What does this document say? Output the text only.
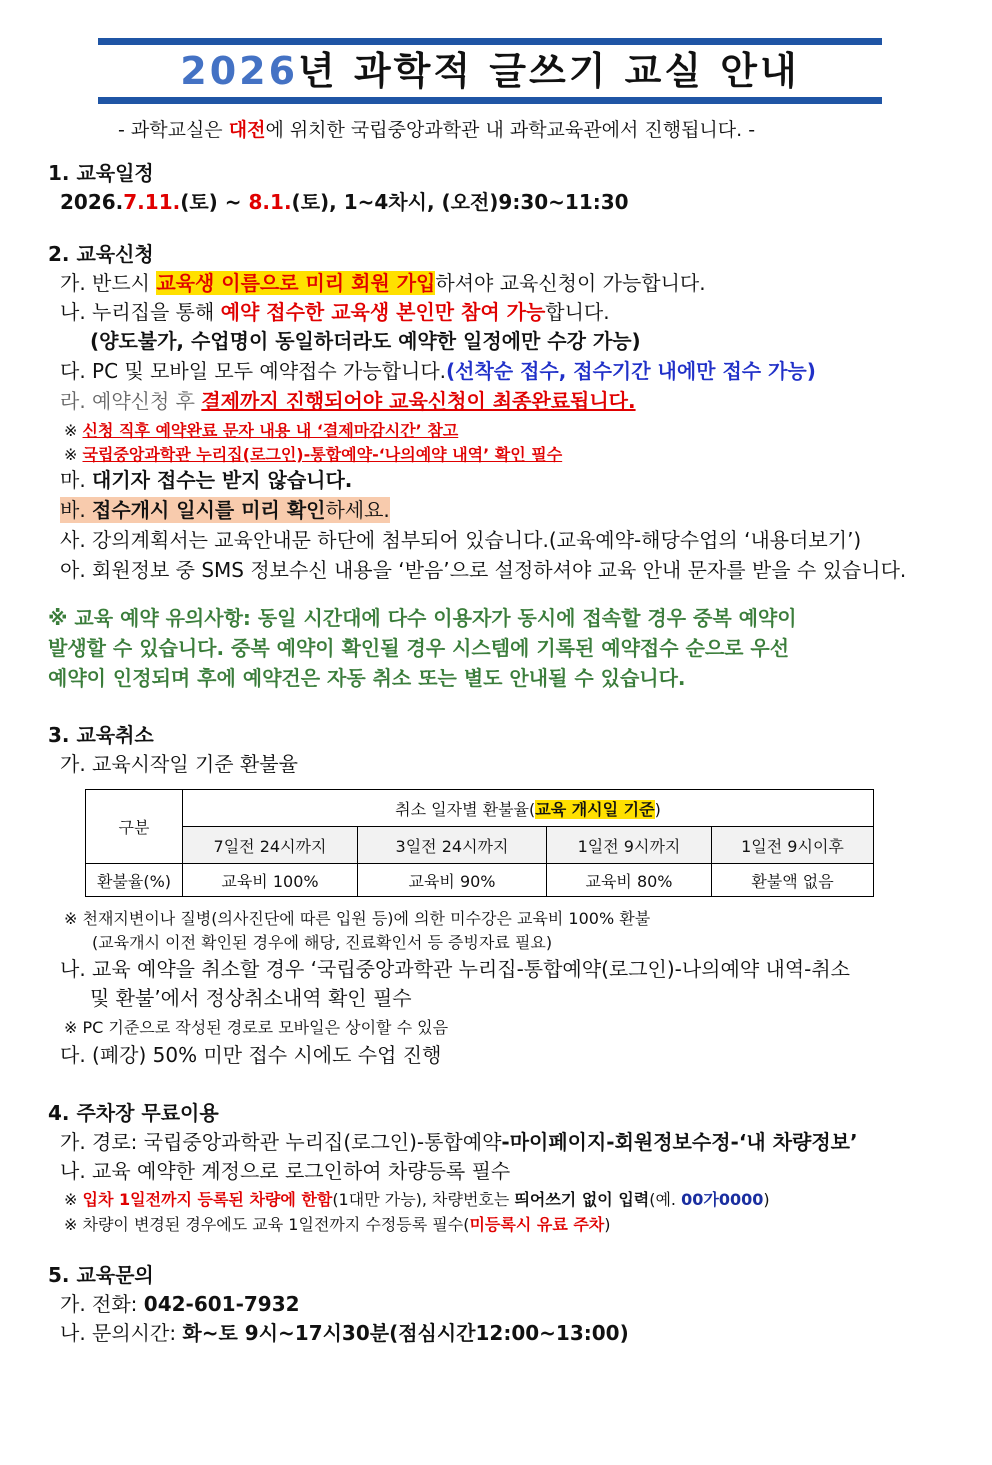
2026년 과학적 글쓰기 교실 안내
- 과학교실은 대전에 위치한 국립중앙과학관 내 과학교육관에서 진행됩니다. -
1. 교육일정
2026.7.11.(토) ~ 8.1.(토), 1~4차시, (오전)9:30~11:30
2. 교육신청
가. 반드시 교육생 이름으로 미리 회원 가입하셔야 교육신청이 가능합니다.
나. 누리집을 통해 예약 접수한 교육생 본인만 참여 가능합니다.
(양도불가, 수업명이 동일하더라도 예약한 일정에만 수강 가능)
다. PC 및 모바일 모두 예약접수 가능합니다.(선착순 접수, 접수기간 내에만 접수 가능)
라. 예약신청 후 결제까지 진행되어야 교육신청이 최종완료됩니다.
※ 신청 직후 예약완료 문자 내용 내 ‘결제마감시간’ 참고
※ 국립중앙과학관 누리집(로그인)-통합예약-‘나의예약 내역’ 확인 필수
마. 대기자 접수는 받지 않습니다.
바. 접수개시 일시를 미리 확인하세요.
사. 강의계획서는 교육안내문 하단에 첨부되어 있습니다.(교육예약-해당수업의 ‘내용더보기’)
아. 회원정보 중 SMS 정보수신 내용을 ‘받음’으로 설정하셔야 교육 안내 문자를 받을 수 있습니다.
※ 교육 예약 유의사항: 동일 시간대에 다수 이용자가 동시에 접속할 경우 중복 예약이
발생할 수 있습니다. 중복 예약이 확인될 경우 시스템에 기록된 예약접수 순으로 우선
예약이 인정되며 후에 예약건은 자동 취소 또는 별도 안내될 수 있습니다.
3. 교육취소
가. 교육시작일 기준 환불율
구분	취소 일자별 환불율(교육 개시일 기준)			
	7일전 24시까지	3일전 24시까지	1일전 9시까지	1일전 9시이후
환불율(%)	교육비 100%	교육비 90%	교육비 80%	환불액 없음
※ 천재지변이나 질병(의사진단에 따른 입원 등)에 의한 미수강은 교육비 100% 환불
(교육개시 이전 확인된 경우에 해당, 진료확인서 등 증빙자료 필요)
나. 교육 예약을 취소할 경우 ‘국립중앙과학관 누리집-통합예약(로그인)-나의예약 내역-취소
및 환불’에서 정상취소내역 확인 필수
※ PC 기준으로 작성된 경로로 모바일은 상이할 수 있음
다. (폐강) 50% 미만 접수 시에도 수업 진행
4. 주차장 무료이용
가. 경로: 국립중앙과학관 누리집(로그인)-통합예약-마이페이지-회원정보수정-‘내 차량정보’
나. 교육 예약한 계정으로 로그인하여 차량등록 필수
※ 입차 1일전까지 등록된 차량에 한함(1대만 가능), 차량번호는 띄어쓰기 없이 입력(예. 00가0000)
※ 차량이 변경된 경우에도 교육 1일전까지 수정등록 필수(미등록시 유료 주차)
5. 교육문의
가. 전화: 042-601-7932
나. 문의시간: 화~토 9시~17시30분(점심시간12:00~13:00)
